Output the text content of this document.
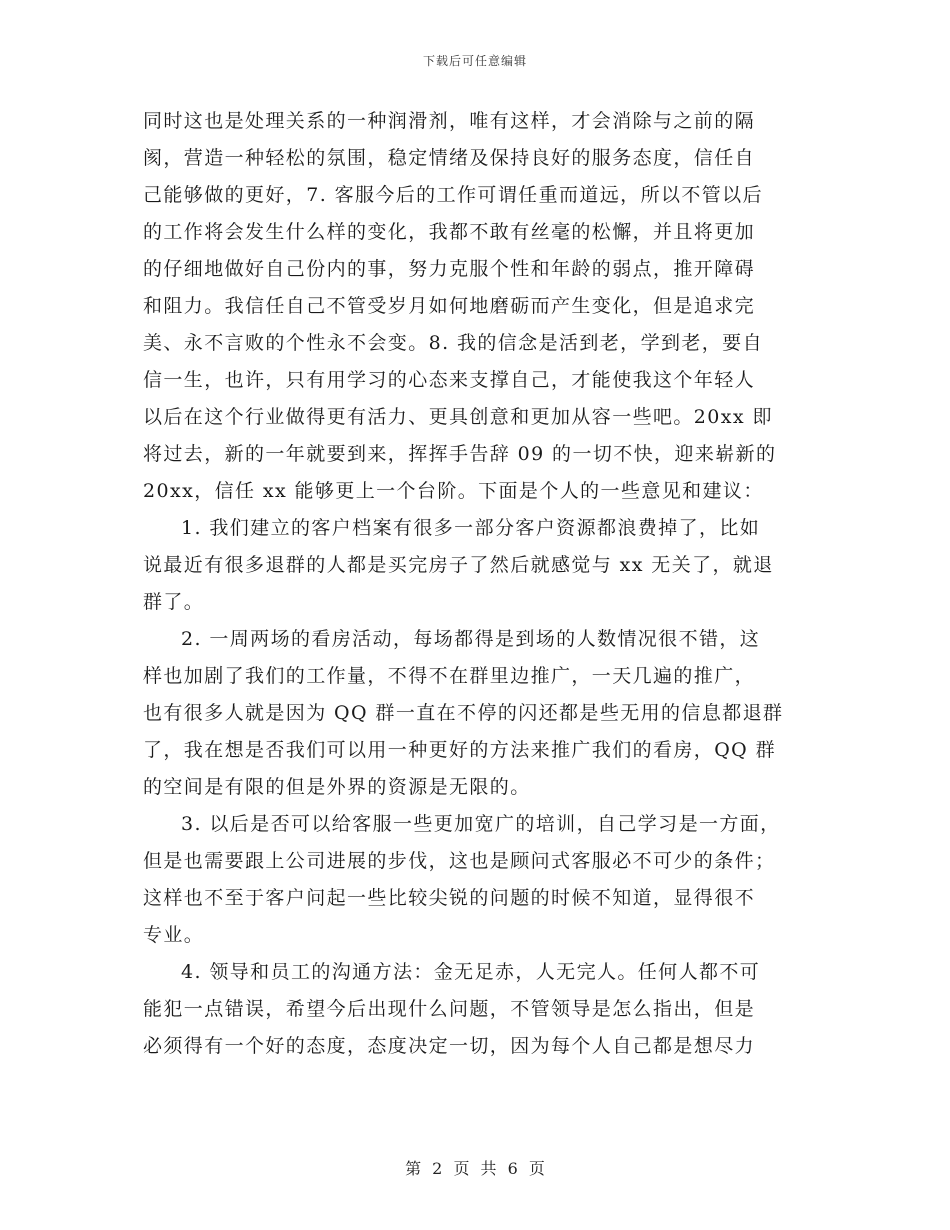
下载后可任意编辑
同时这也是处理关系的一种润滑剂，唯有这样，才会消除与之前的隔
阂，营造一种轻松的氛围，稳定情绪及保持良好的服务态度，信任自
己能够做的更好，7. 客服今后的工作可谓任重而道远，所以不管以后
的工作将会发生什么样的变化，我都不敢有丝毫的松懈，并且将更加
的仔细地做好自己份内的事，努力克服个性和年龄的弱点，推开障碍
和阻力。我信任自己不管受岁月如何地磨砺而产生变化，但是追求完
美、永不言败的个性永不会变。8. 我的信念是活到老，学到老，要自
信一生，也许，只有用学习的心态来支撑自己，才能使我这个年轻人
以后在这个行业做得更有活力、更具创意和更加从容一些吧。20xx 即
将过去，新的一年就要到来，挥挥手告辞 09 的一切不快，迎来崭新的
20xx，信任 xx 能够更上一个台阶。下面是个人的一些意见和建议：
1. 我们建立的客户档案有很多一部分客户资源都浪费掉了，比如
说最近有很多退群的人都是买完房子了然后就感觉与 xx 无关了，就退
群了。
2. 一周两场的看房活动，每场都得是到场的人数情况很不错，这
样也加剧了我们的工作量，不得不在群里边推广，一天几遍的推广，
也有很多人就是因为 QQ 群一直在不停的闪还都是些无用的信息都退群
了，我在想是否我们可以用一种更好的方法来推广我们的看房，QQ 群
的空间是有限的但是外界的资源是无限的。
3. 以后是否可以给客服一些更加宽广的培训，自己学习是一方面，
但是也需要跟上公司进展的步伐，这也是顾问式客服必不可少的条件；
这样也不至于客户问起一些比较尖锐的问题的时候不知道，显得很不
专业。
4. 领导和员工的沟通方法：金无足赤，人无完人。任何人都不可
能犯一点错误，希望今后出现什么问题，不管领导是怎么指出，但是
必须得有一个好的态度，态度决定一切，因为每个人自己都是想尽力
第 2 页 共 6 页
